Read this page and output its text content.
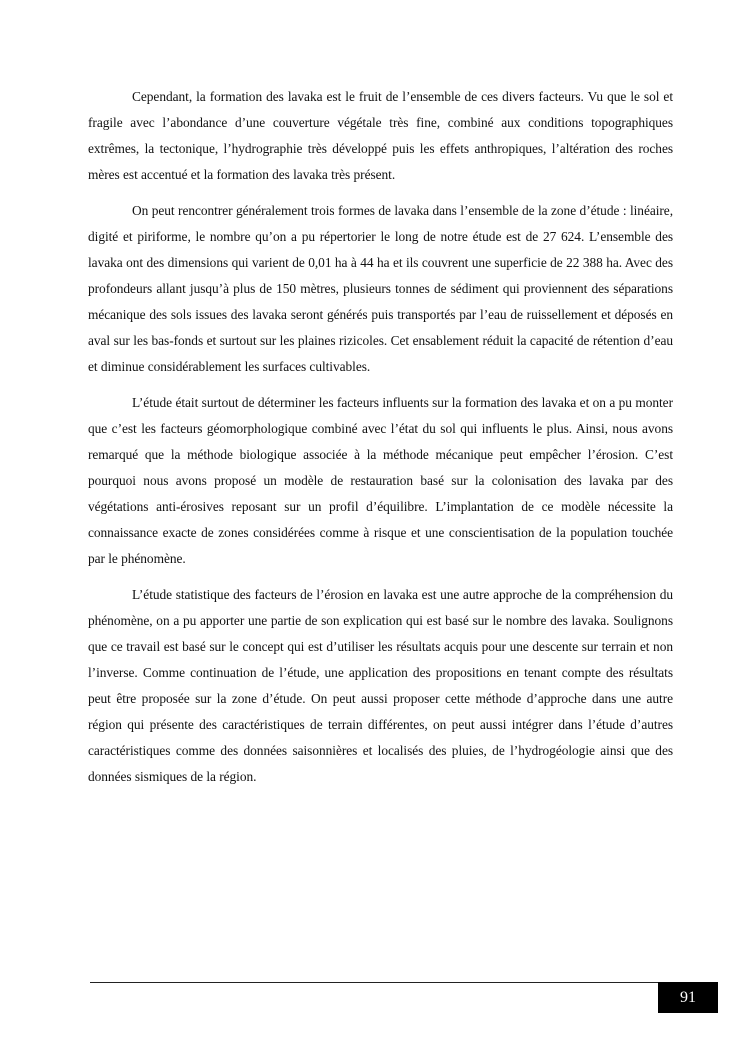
Cependant, la formation des lavaka est le fruit de l’ensemble de ces divers facteurs. Vu que le sol et fragile avec l’abondance d’une couverture végétale très fine, combiné aux conditions topographiques extrêmes, la tectonique, l’hydrographie très développé puis les effets anthropiques, l’altération des roches mères est accentué et la formation des lavaka très présent.

On peut rencontrer généralement trois formes de lavaka dans l’ensemble de la zone d’étude : linéaire, digité et piriforme, le nombre qu’on a pu répertorier le long de notre étude est de 27 624. L’ensemble des lavaka ont des dimensions qui varient de 0,01 ha à 44 ha et ils couvrent une superficie de 22 388 ha. Avec des profondeurs allant jusqu’à plus de 150 mètres, plusieurs tonnes de sédiment qui proviennent des séparations mécanique des sols issues des lavaka seront générés puis transportés par l’eau de ruissellement et déposés en aval sur les bas-fonds et surtout sur les plaines rizicoles. Cet ensablement réduit la capacité de rétention d’eau et diminue considérablement les surfaces cultivables.

L’étude était surtout de déterminer les facteurs influents sur la formation des lavaka et on a pu monter que c’est les facteurs géomorphologique combiné avec l’état du sol qui influents le plus. Ainsi, nous avons remarqué que la méthode biologique associée à la méthode mécanique peut empêcher l’érosion. C’est pourquoi nous avons proposé un modèle de restauration basé sur la colonisation des lavaka par des végétations anti-érosives reposant sur un profil d’équilibre. L’implantation de ce modèle nécessite la connaissance exacte de zones considérées comme à risque et une conscientisation de la population touchée par le phénomène.

L’étude statistique des facteurs de l’érosion en lavaka est une autre approche de la compréhension du phénomène, on a pu apporter une partie de son explication qui est basé sur le nombre des lavaka. Soulignons que ce travail est basé sur le concept qui est d’utiliser les résultats acquis pour une descente sur terrain et non l’inverse. Comme continuation de l’étude, une application des propositions en tenant compte des résultats peut être proposée sur la zone d’étude. On peut aussi proposer cette méthode d’approche dans une autre région qui présente des caractéristiques de terrain différentes, on peut aussi intégrer dans l’étude d’autres caractéristiques comme des données saisonnières et localisés des pluies, de l’hydrogéologie ainsi que des données sismiques de la région.

91
